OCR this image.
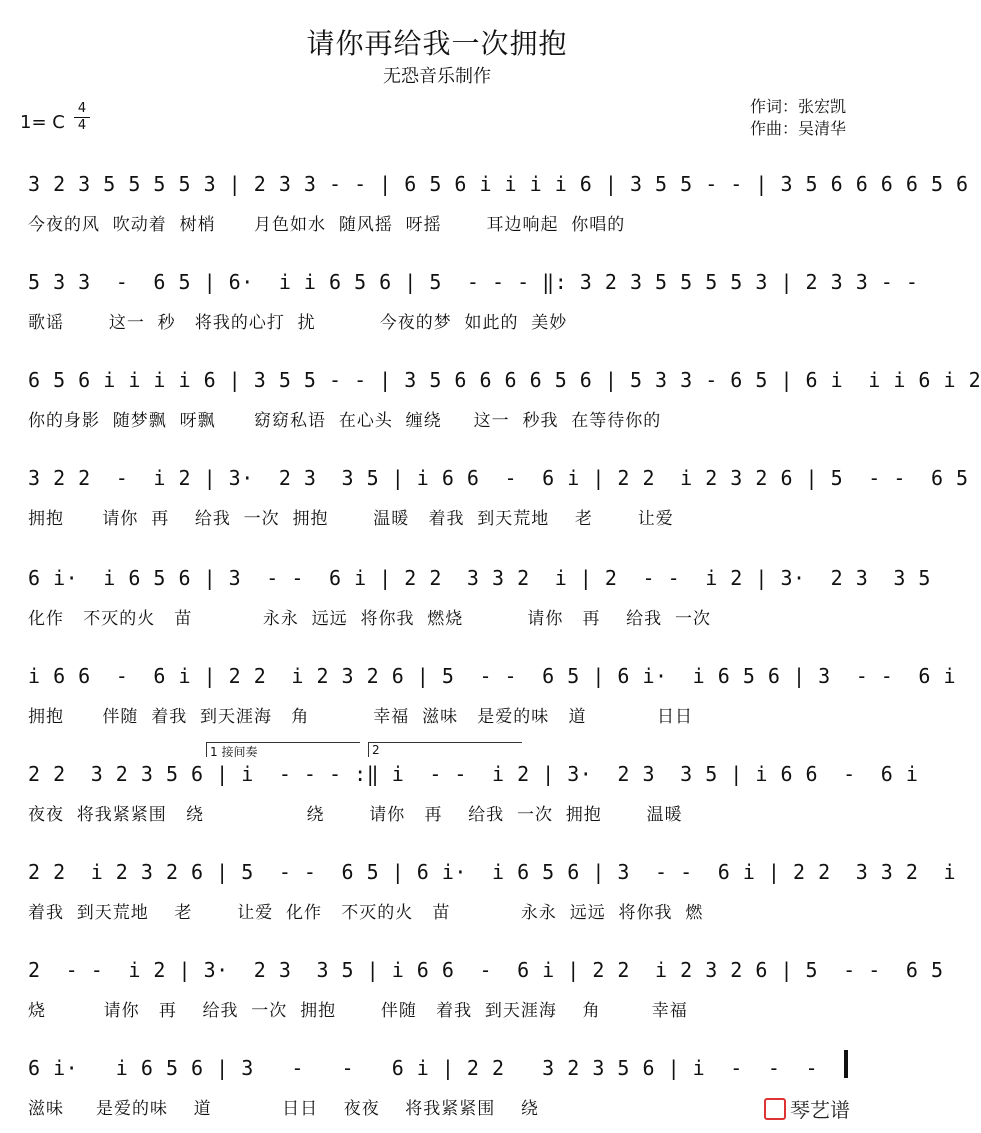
请你再给我一次拥抱
无恐音乐制作
作词：张宏凯
作曲：吴清华
1= C
4
4
3 2 3 5 5 5 5 3 | 2 3 3 - - | 6 5 6 i i i i 6 | 3 5 5 - - | 3 5 6 6 6 6 5 6
今夜的风  吹动着  树梢      月色如水  随风摇  呀摇       耳边响起  你唱的
5 3 3  -  6 5 | 6·  i i 6 5 6 | 5  - - - ‖: 3 2 3 5 5 5 5 3 | 2 3 3 - -
歌谣       这一  秒   将我的心打  扰          今夜的梦  如此的  美妙
6 5 6 i i i i 6 | 3 5 5 - - | 3 5 6 6 6 6 5 6 | 5 3 3 - 6 5 | 6 i  i i 6 i 2
你的身影  随梦飘  呀飘      窈窈私语  在心头  缠绕     这一  秒我  在等待你的
3 2 2  -  i 2 | 3·  2 3  3 5 | i 6 6  -  6 i | 2 2  i 2 3 2 6 | 5  - -  6 5
拥抱      请你  再    给我  一次  拥抱       温暖   着我  到天荒地    老       让爱
6 i·  i 6 5 6 | 3  - -  6 i | 2 2  3 3 2  i | 2  - -  i 2 | 3·  2 3  3 5
化作   不灭的火   苗           永永  远远  将你我  燃烧          请你   再    给我  一次
i 6 6  -  6 i | 2 2  i 2 3 2 6 | 5  - -  6 5 | 6 i·  i 6 5 6 | 3  - -  6 i
拥抱      伴随  着我  到天涯海   角          幸福  滋味   是爱的味   道           日日
1 接间奏	2
2 2  3 2 3 5 6 | i  - - - :‖ i  - -  i 2 | 3·  2 3  3 5 | i 6 6  -  6 i
夜夜  将我紧紧围   绕                绕       请你   再    给我  一次  拥抱       温暖
2 2  i 2 3 2 6 | 5  - -  6 5 | 6 i·  i 6 5 6 | 3  - -  6 i | 2 2  3 3 2  i
着我  到天荒地    老       让爱  化作   不灭的火   苗           永永  远远  将你我  燃
2  - -  i 2 | 3·  2 3  3 5 | i 6 6  -  6 i | 2 2  i 2 3 2 6 | 5  - -  6 5
烧         请你   再    给我  一次  拥抱       伴随   着我  到天涯海    角        幸福
6 i·   i 6 5 6 | 3   -   -   6 i | 2 2   3 2 3 5 6 | i  -  -  -
滋味     是爱的味    道           日日    夜夜    将我紧紧围    绕	琴艺谱
